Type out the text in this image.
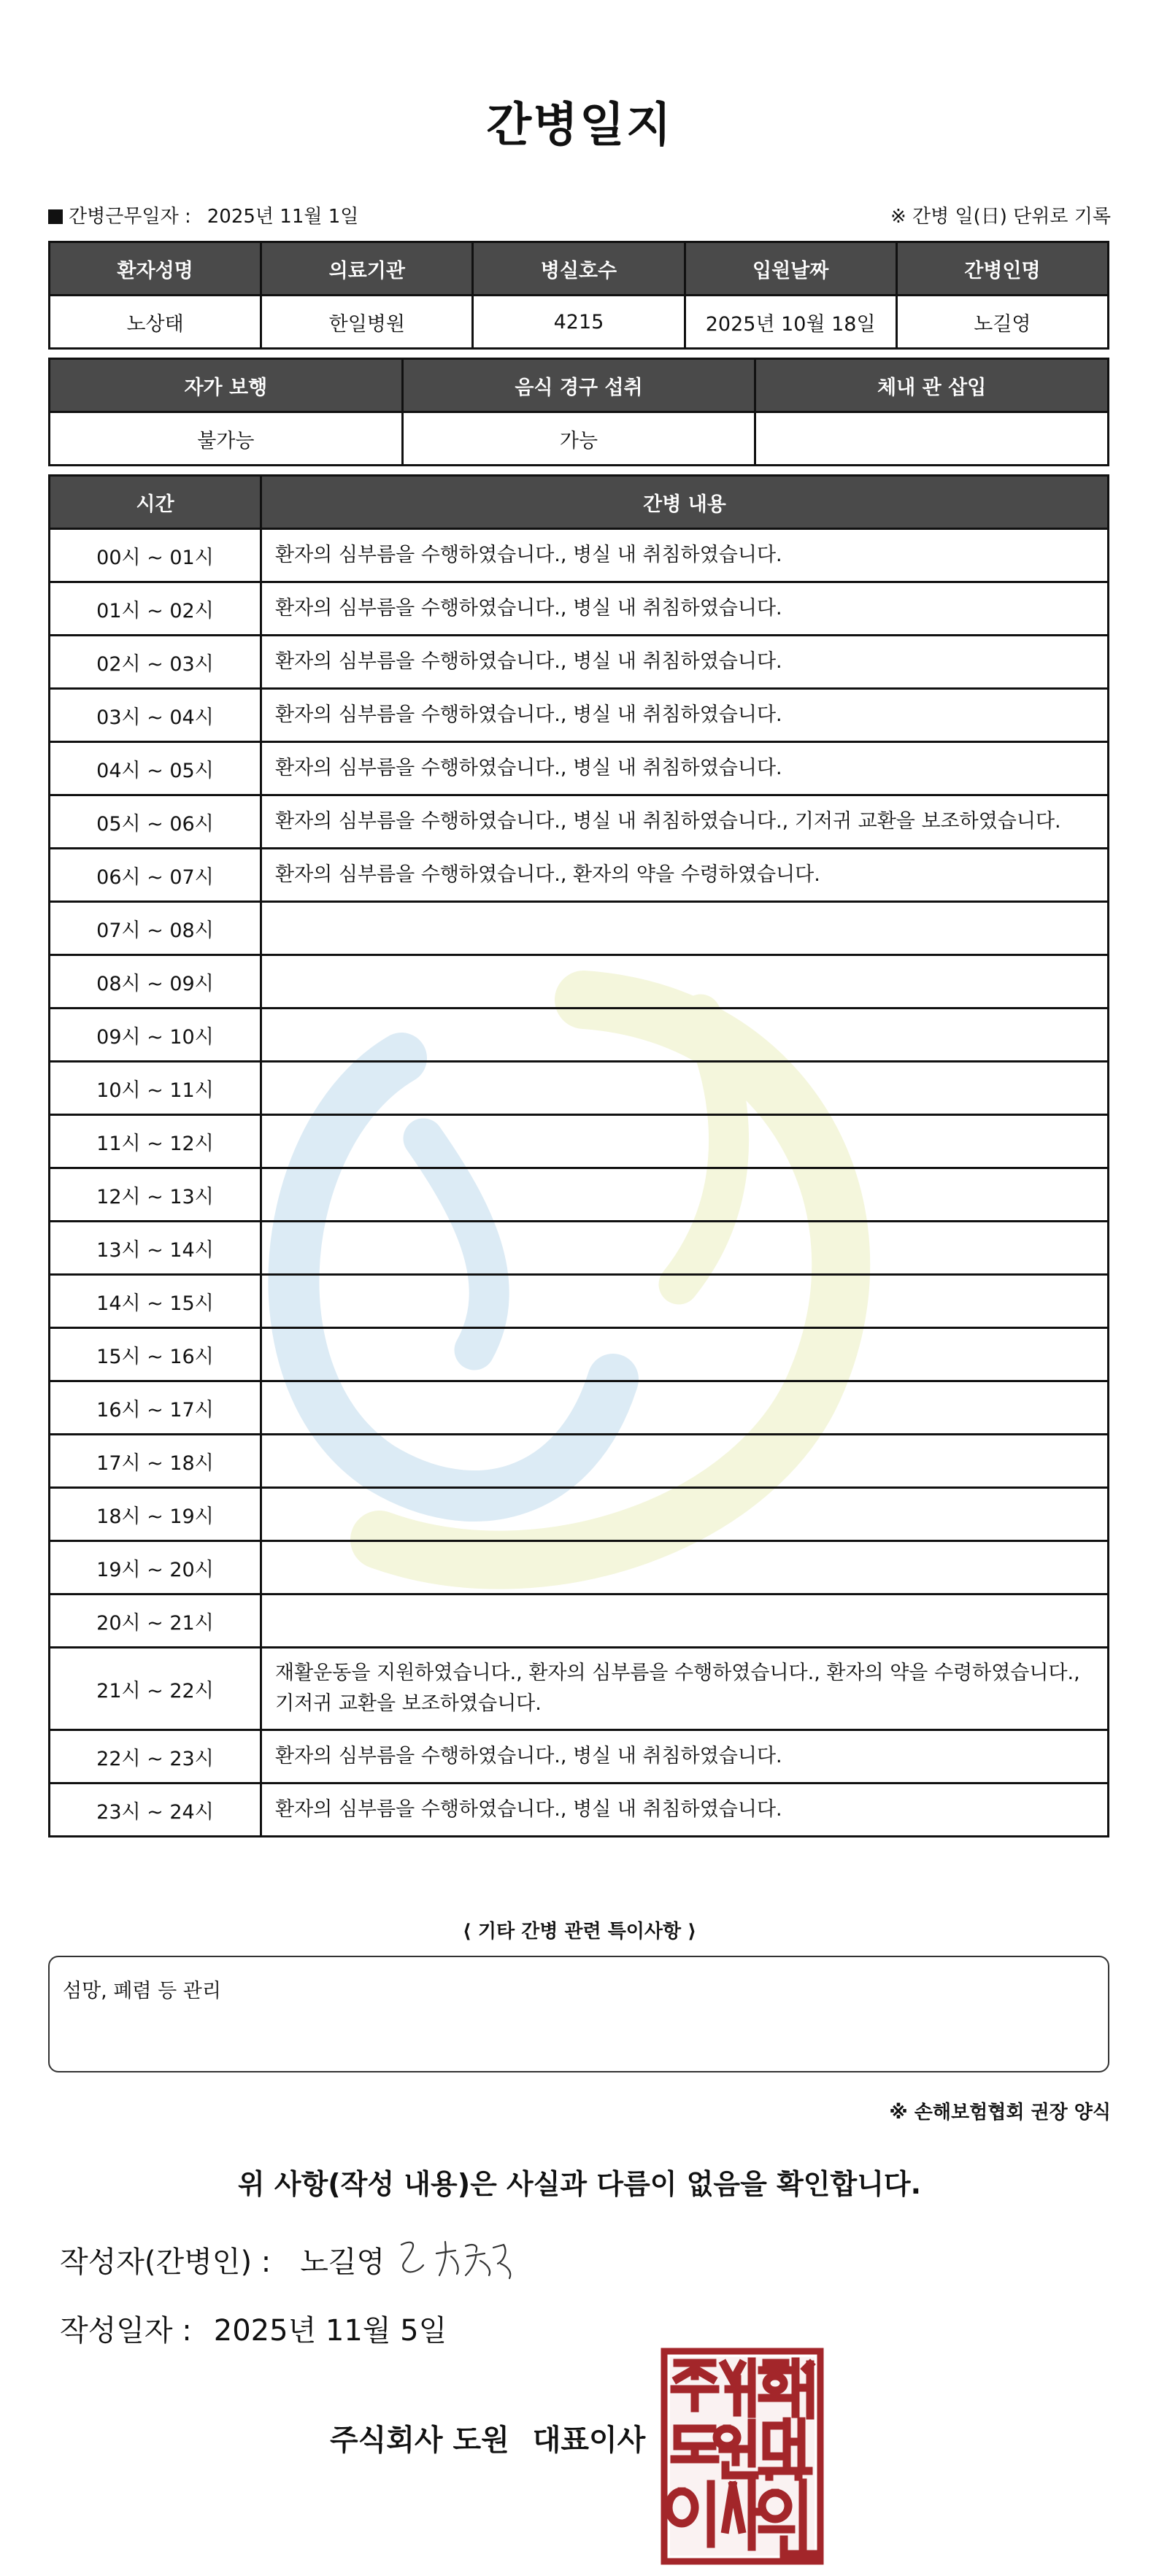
간병일지
간병근무일자 : 2025년 11월 1일	※ 간병 일(日) 단위로 기록
환자성명	의료기관	병실호수	입원날짜	간병인명
노상태	한일병원	4215	2025년 10월 18일	노길영
자가 보행	음식 경구 섭취	체내 관 삽입
불가능	가능	
시간	간병 내용
00시 ~ 01시	환자의 심부름을 수행하였습니다., 병실 내 취침하였습니다.
01시 ~ 02시	환자의 심부름을 수행하였습니다., 병실 내 취침하였습니다.
02시 ~ 03시	환자의 심부름을 수행하였습니다., 병실 내 취침하였습니다.
03시 ~ 04시	환자의 심부름을 수행하였습니다., 병실 내 취침하였습니다.
04시 ~ 05시	환자의 심부름을 수행하였습니다., 병실 내 취침하였습니다.
05시 ~ 06시	환자의 심부름을 수행하였습니다., 병실 내 취침하였습니다., 기저귀 교환을 보조하였습니다.
06시 ~ 07시	환자의 심부름을 수행하였습니다., 환자의 약을 수령하였습니다.
07시 ~ 08시	
08시 ~ 09시	
09시 ~ 10시	
10시 ~ 11시	
11시 ~ 12시	
12시 ~ 13시	
13시 ~ 14시	
14시 ~ 15시	
15시 ~ 16시	
16시 ~ 17시	
17시 ~ 18시	
18시 ~ 19시	
19시 ~ 20시	
20시 ~ 21시	
21시 ~ 22시	재활운동을 지원하였습니다., 환자의 심부름을 수행하였습니다., 환자의 약을 수령하였습니다., 기저귀 교환을 보조하였습니다.
22시 ~ 23시	환자의 심부름을 수행하였습니다., 병실 내 취침하였습니다.
23시 ~ 24시	환자의 심부름을 수행하였습니다., 병실 내 취침하였습니다.
⟨ 기타 간병 관련 특이사항 ⟩
섬망, 폐렴 등 관리
※ 손해보험협회 권장 양식
위 사항(작성 내용)은 사실과 다름이 없음을 확인합니다.
작성자(간병인) : 노길영
작성일자 : 2025년 11월 5일
주식회사 도원 대표이사
